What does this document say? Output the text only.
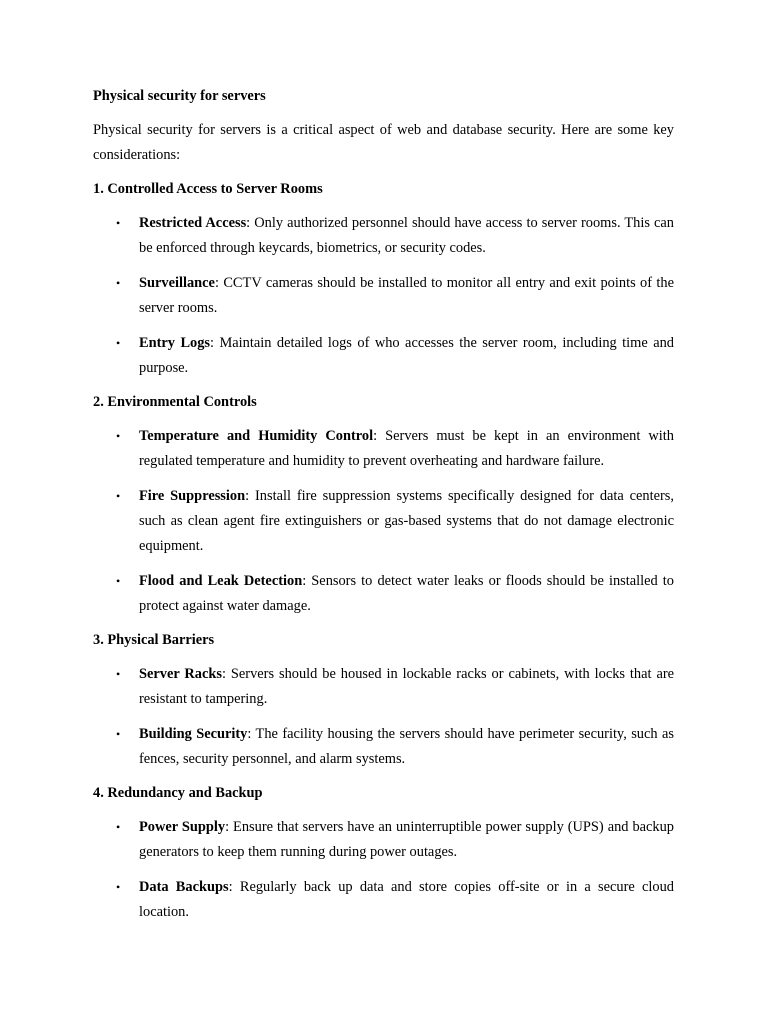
Physical security for servers

Physical security for servers is a critical aspect of web and database security. Here are some key considerations:

1. Controlled Access to Server Rooms

• Restricted Access: Only authorized personnel should have access to server rooms. This can be enforced through keycards, biometrics, or security codes.
• Surveillance: CCTV cameras should be installed to monitor all entry and exit points of the server rooms.
• Entry Logs: Maintain detailed logs of who accesses the server room, including time and purpose.

2. Environmental Controls

• Temperature and Humidity Control: Servers must be kept in an environment with regulated temperature and humidity to prevent overheating and hardware failure.
• Fire Suppression: Install fire suppression systems specifically designed for data centers, such as clean agent fire extinguishers or gas-based systems that do not damage electronic equipment.
• Flood and Leak Detection: Sensors to detect water leaks or floods should be installed to protect against water damage.

3. Physical Barriers

• Server Racks: Servers should be housed in lockable racks or cabinets, with locks that are resistant to tampering.
• Building Security: The facility housing the servers should have perimeter security, such as fences, security personnel, and alarm systems.

4. Redundancy and Backup

• Power Supply: Ensure that servers have an uninterruptible power supply (UPS) and backup generators to keep them running during power outages.
• Data Backups: Regularly back up data and store copies off-site or in a secure cloud location.
